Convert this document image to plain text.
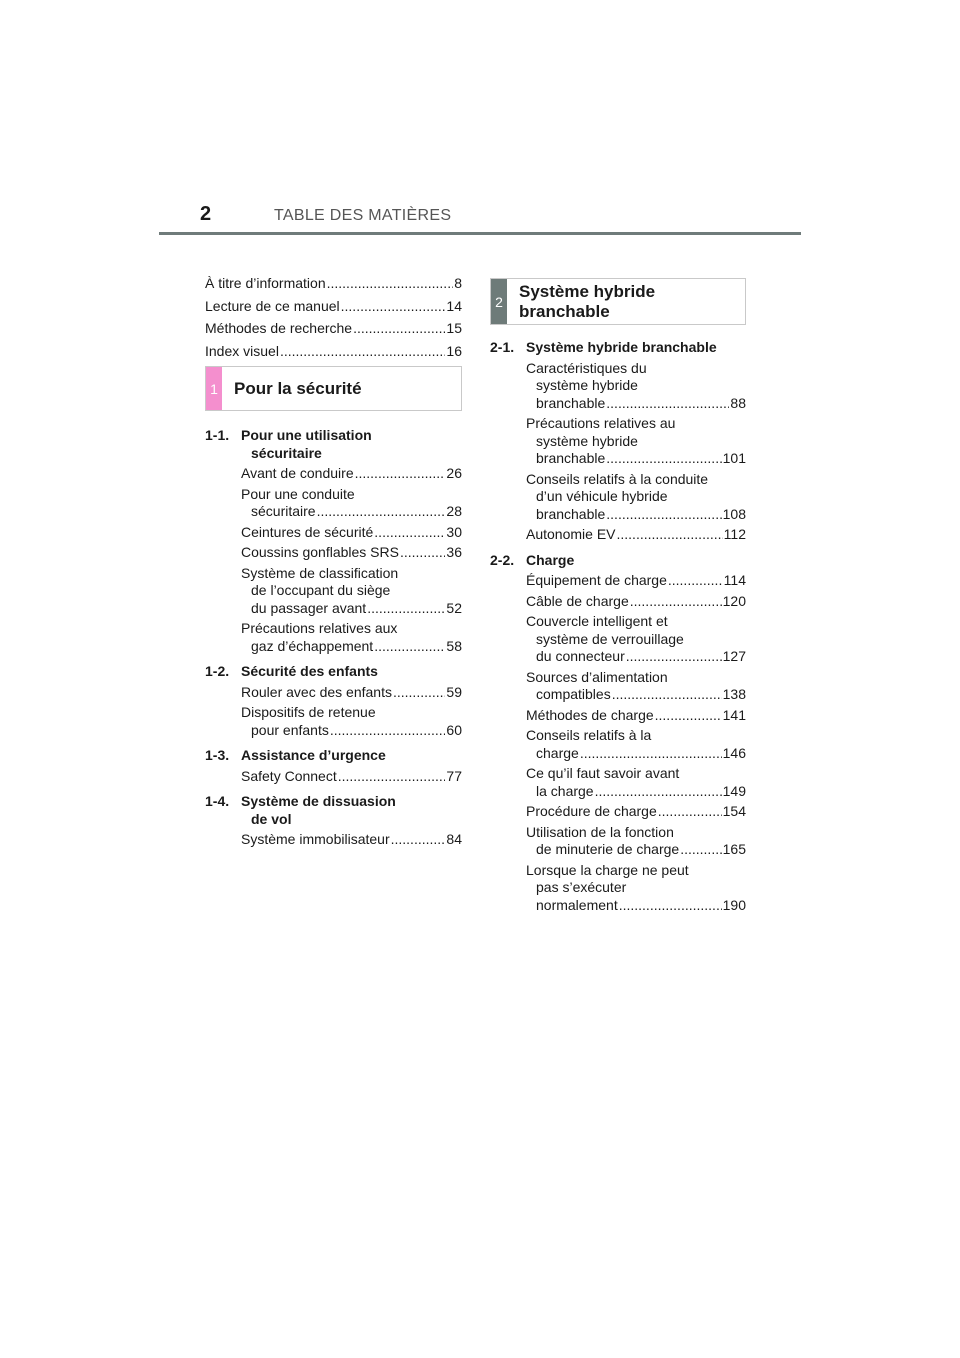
2	TABLE DES MATIÈRES
À titre d’information .....	8
Lecture de ce manuel .....	14
Méthodes de recherche .....	15
Index visuel .....	16
1 Pour la sécurité
1-1. Pour une utilisation
sécuritaire
Avant de conduire .....	26
Pour une conduite
sécuritaire .....	28
Ceintures de sécurité .....	30
Coussins gonflables SRS .....	36
Système de classification
de l’occupant du siège
du passager avant .....	52
Précautions relatives aux
gaz d’échappement .....	58
1-2. Sécurité des enfants
Rouler avec des enfants .....	59
Dispositifs de retenue
pour enfants .....	60
1-3. Assistance d’urgence
Safety Connect .....	77
1-4. Système de dissuasion
de vol
Système immobilisateur .....	84
2
Système hybride
branchable
2-1. Système hybride branchable
Caractéristiques du
système hybride
branchable .....	88
Précautions relatives au
système hybride
branchable .....	101
Conseils relatifs à la conduite
d’un véhicule hybride
branchable .....	108
Autonomie EV .....	112
2-2. Charge
Équipement de charge .....	114
Câble de charge .....	120
Couvercle intelligent et
système de verrouillage
du connecteur .....	127
Sources d’alimentation
compatibles .....	138
Méthodes de charge .....	141
Conseils relatifs à la
charge .....	146
Ce qu’il faut savoir avant
la charge .....	149
Procédure de charge .....	154
Utilisation de la fonction
de minuterie de charge .....	165
Lorsque la charge ne peut
pas s’exécuter
normalement .....	190
